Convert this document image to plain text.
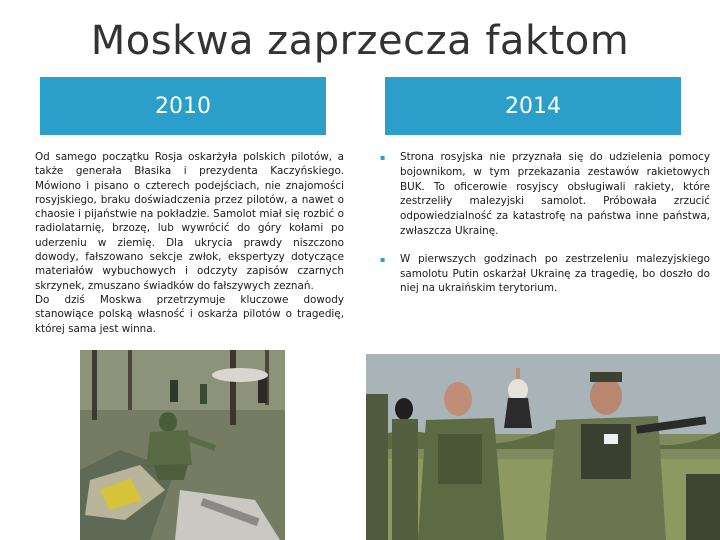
Moskwa zaprzecza faktom
2010	2014

Od samego początku Rosja oskarżyła polskich pilotów, a także generała Błasika i prezydenta Kaczyńskiego. Mówiono i pisano o czterech podejściach, nie znajomości rosyjskiego, braku doświadczenia przez pilotów, a nawet o chaosie i pijaństwie na pokładzie. Samolot miał się rozbić o radiolatarnię, brzozę, lub wywrócić do góry kołami po uderzeniu w ziemię. Dla ukrycia prawdy niszczono dowody, fałszowano sekcje zwłok, ekspertyzy dotyczące materiałów wybuchowych i odczyty zapisów czarnych skrzynek, zmuszano świadków do fałszywych zeznań.

Do dziś Moskwa przetrzymuje kluczowe dowody stanowiące polską własność i oskarża pilotów o tragedię, której sama jest winna.

▪ Strona rosyjska nie przyznała się do udzielenia pomocy bojownikom, w tym przekazania zestawów rakietowych BUK. To oficerowie rosyjscy obsługiwali rakiety, które zestrzeliły malezyjski samolot. Próbowała zrzucić odpowiedzialność za katastrofę na państwa inne państwa, zwłaszcza Ukrainę.
▪ W pierwszych godzinach po zestrzeleniu malezyjskiego samolotu Putin oskarżał Ukrainę za tragedię, bo doszło do niej na ukraińskim terytorium.
